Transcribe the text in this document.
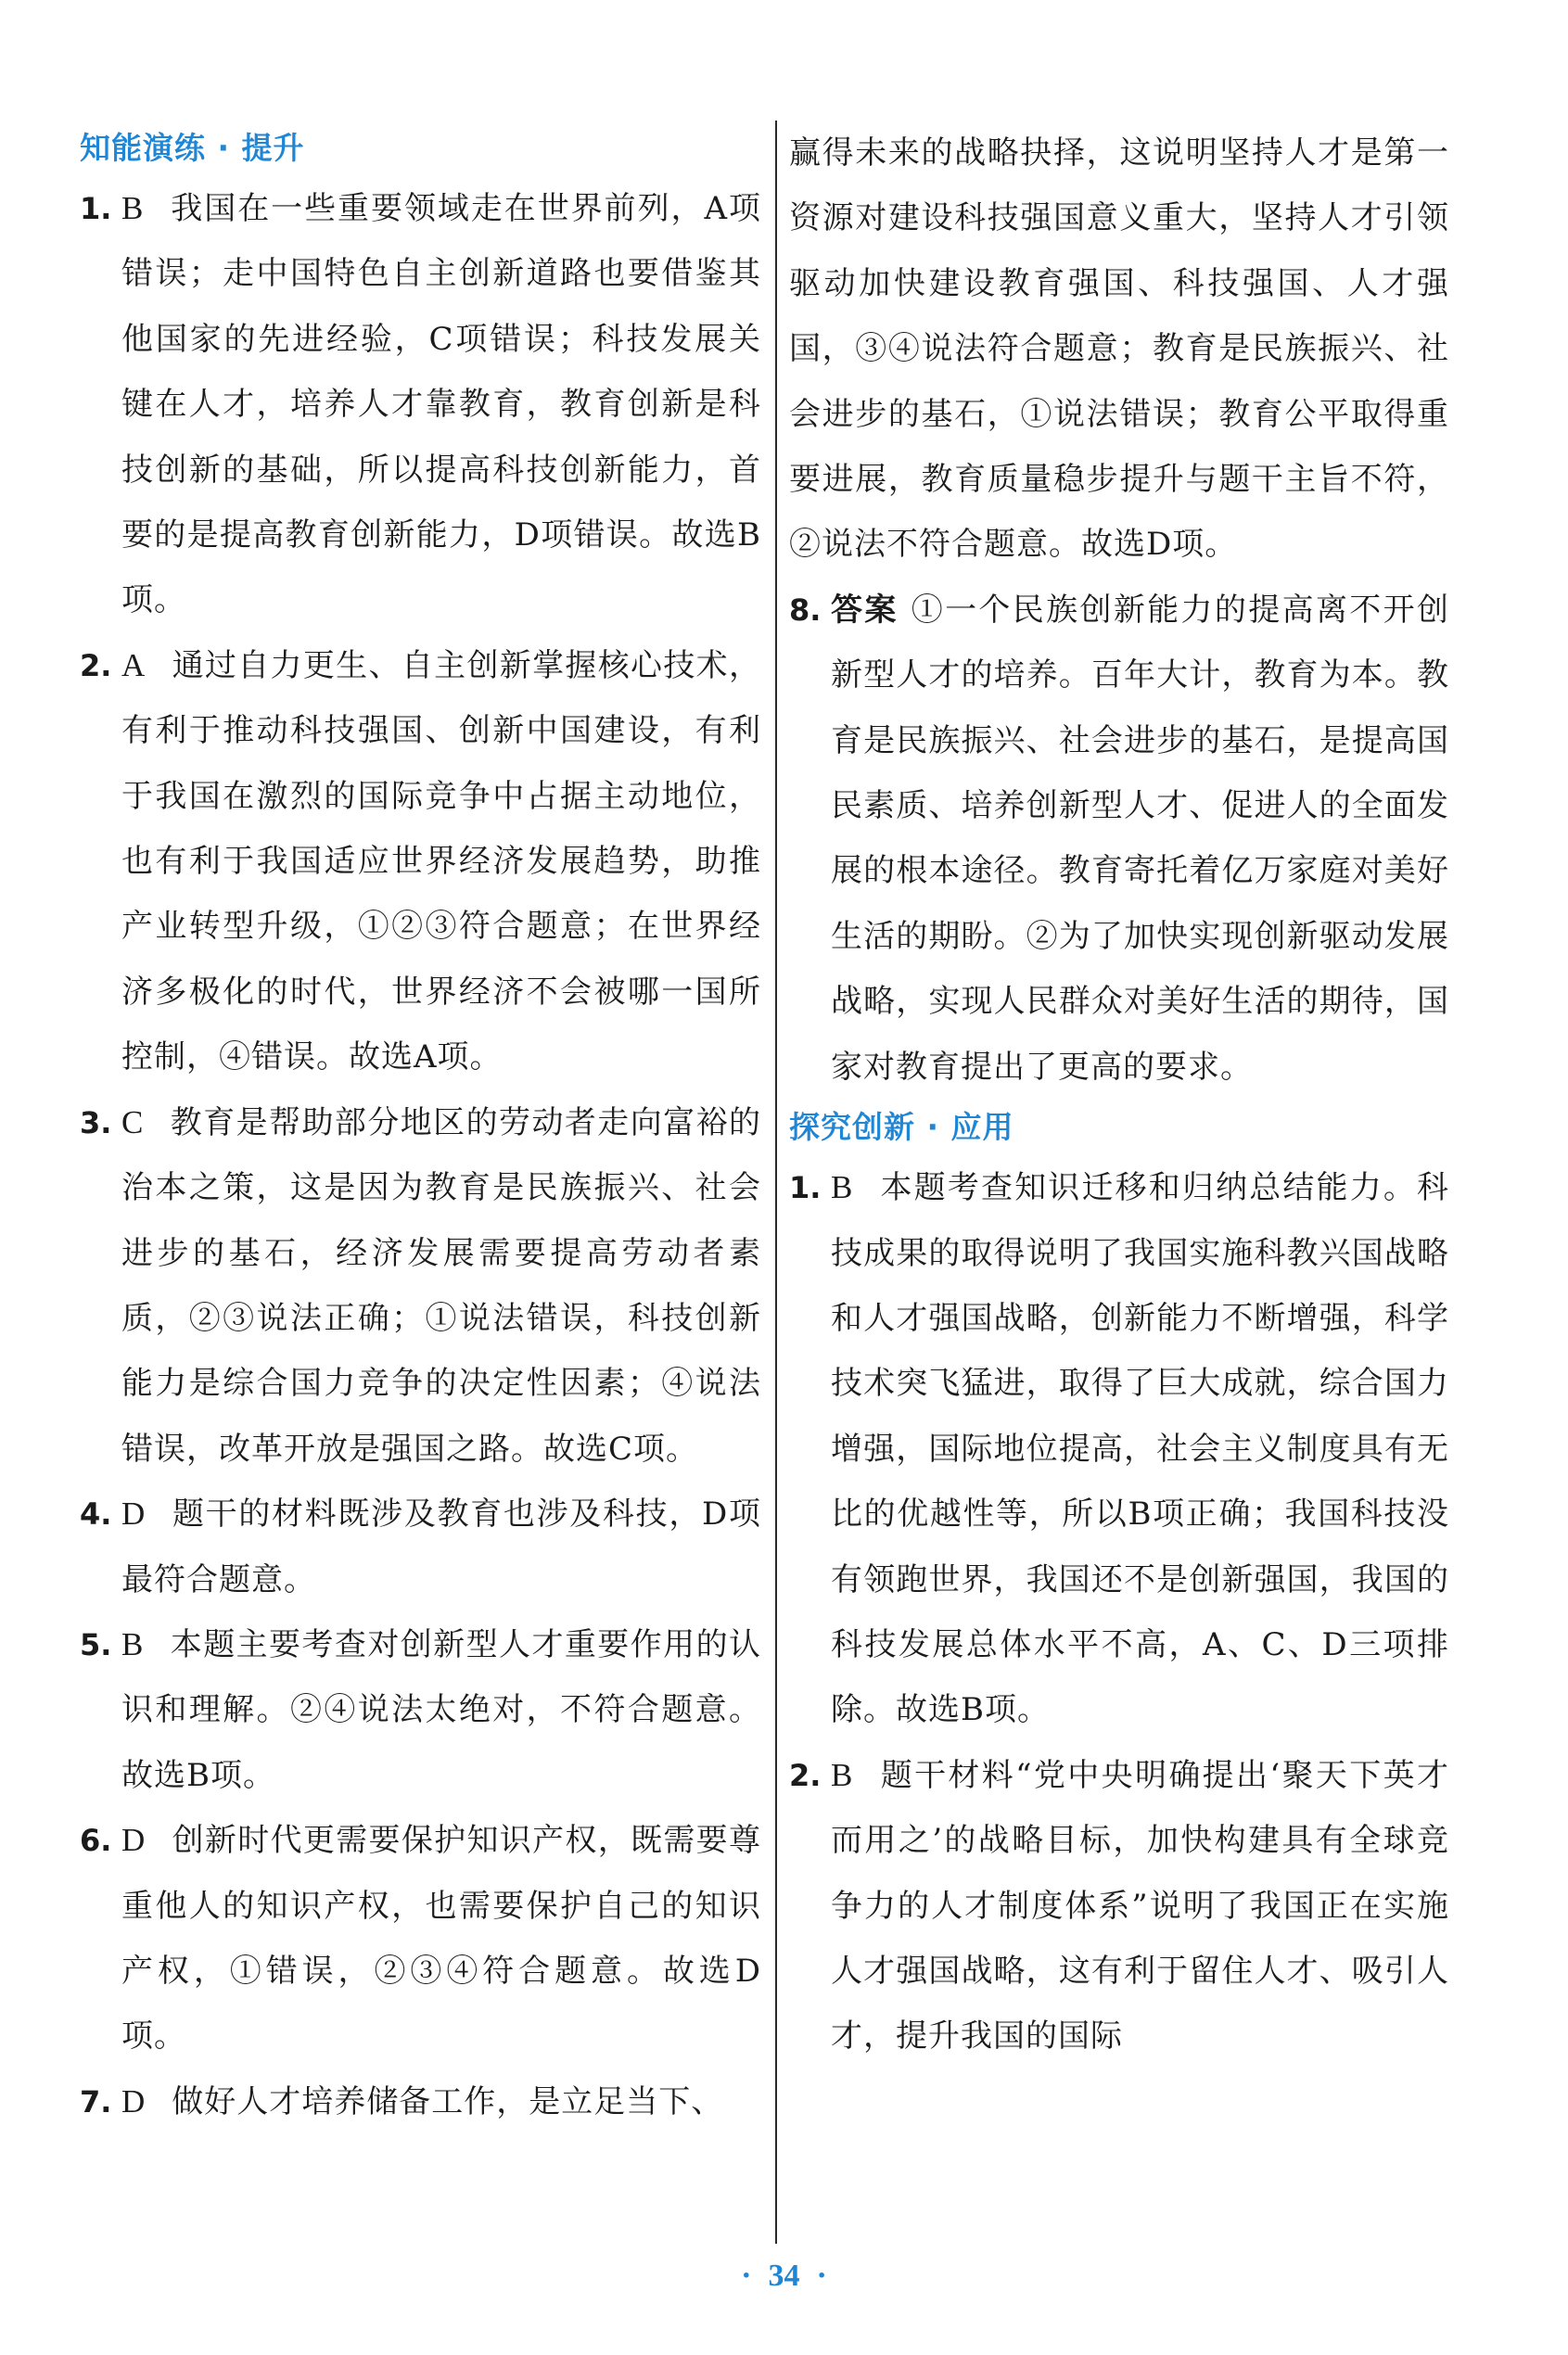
知能演练 · 提升
1. B 我国在一些重要领域走在世界前列，A项错误；走中国特色自主创新道路也要借鉴其他国家的先进经验，C项错误；科技发展关键在人才，培养人才靠教育，教育创新是科技创新的基础，所以提高科技创新能力，首要的是提高教育创新能力，D项错误。故选B项。
2. A 通过自力更生、自主创新掌握核心技术，有利于推动科技强国、创新中国建设，有利于我国在激烈的国际竞争中占据主动地位，也有利于我国适应世界经济发展趋势，助推产业转型升级，①②③符合题意；在世界经济多极化的时代，世界经济不会被哪一国所控制，④错误。故选A项。
3. C 教育是帮助部分地区的劳动者走向富裕的治本之策，这是因为教育是民族振兴、社会进步的基石，经济发展需要提高劳动者素质，②③说法正确；①说法错误，科技创新能力是综合国力竞争的决定性因素；④说法错误，改革开放是强国之路。故选C项。
4. D 题干的材料既涉及教育也涉及科技，D项最符合题意。
5. B 本题主要考查对创新型人才重要作用的认识和理解。②④说法太绝对，不符合题意。故选B项。
6. D 创新时代更需要保护知识产权，既需要尊重他人的知识产权，也需要保护自己的知识产权，①错误，②③④符合题意。故选D项。
7. D 做好人才培养储备工作，是立足当下、
赢得未来的战略抉择，这说明坚持人才是第一资源对建设科技强国意义重大，坚持人才引领驱动加快建设教育强国、科技强国、人才强国，③④说法符合题意；教育是民族振兴、社会进步的基石，①说法错误；教育公平取得重要进展，教育质量稳步提升与题干主旨不符，②说法不符合题意。故选D项。
8. 答案 ①一个民族创新能力的提高离不开创新型人才的培养。百年大计，教育为本。教育是民族振兴、社会进步的基石，是提高国民素质、培养创新型人才、促进人的全面发展的根本途径。教育寄托着亿万家庭对美好生活的期盼。②为了加快实现创新驱动发展战略，实现人民群众对美好生活的期待，国家对教育提出了更高的要求。
探究创新 · 应用
1. B 本题考查知识迁移和归纳总结能力。科技成果的取得说明了我国实施科教兴国战略和人才强国战略，创新能力不断增强，科学技术突飞猛进，取得了巨大成就，综合国力增强，国际地位提高，社会主义制度具有无比的优越性等，所以B项正确；我国科技没有领跑世界，我国还不是创新强国，我国的科技发展总体水平不高，A、C、D三项排除。故选B项。
2. B 题干材料“党中央明确提出‘聚天下英才而用之’的战略目标，加快构建具有全球竞争力的人才制度体系”说明了我国正在实施人才强国战略，这有利于留住人才、吸引人才，提升我国的国际
· 34 ·
